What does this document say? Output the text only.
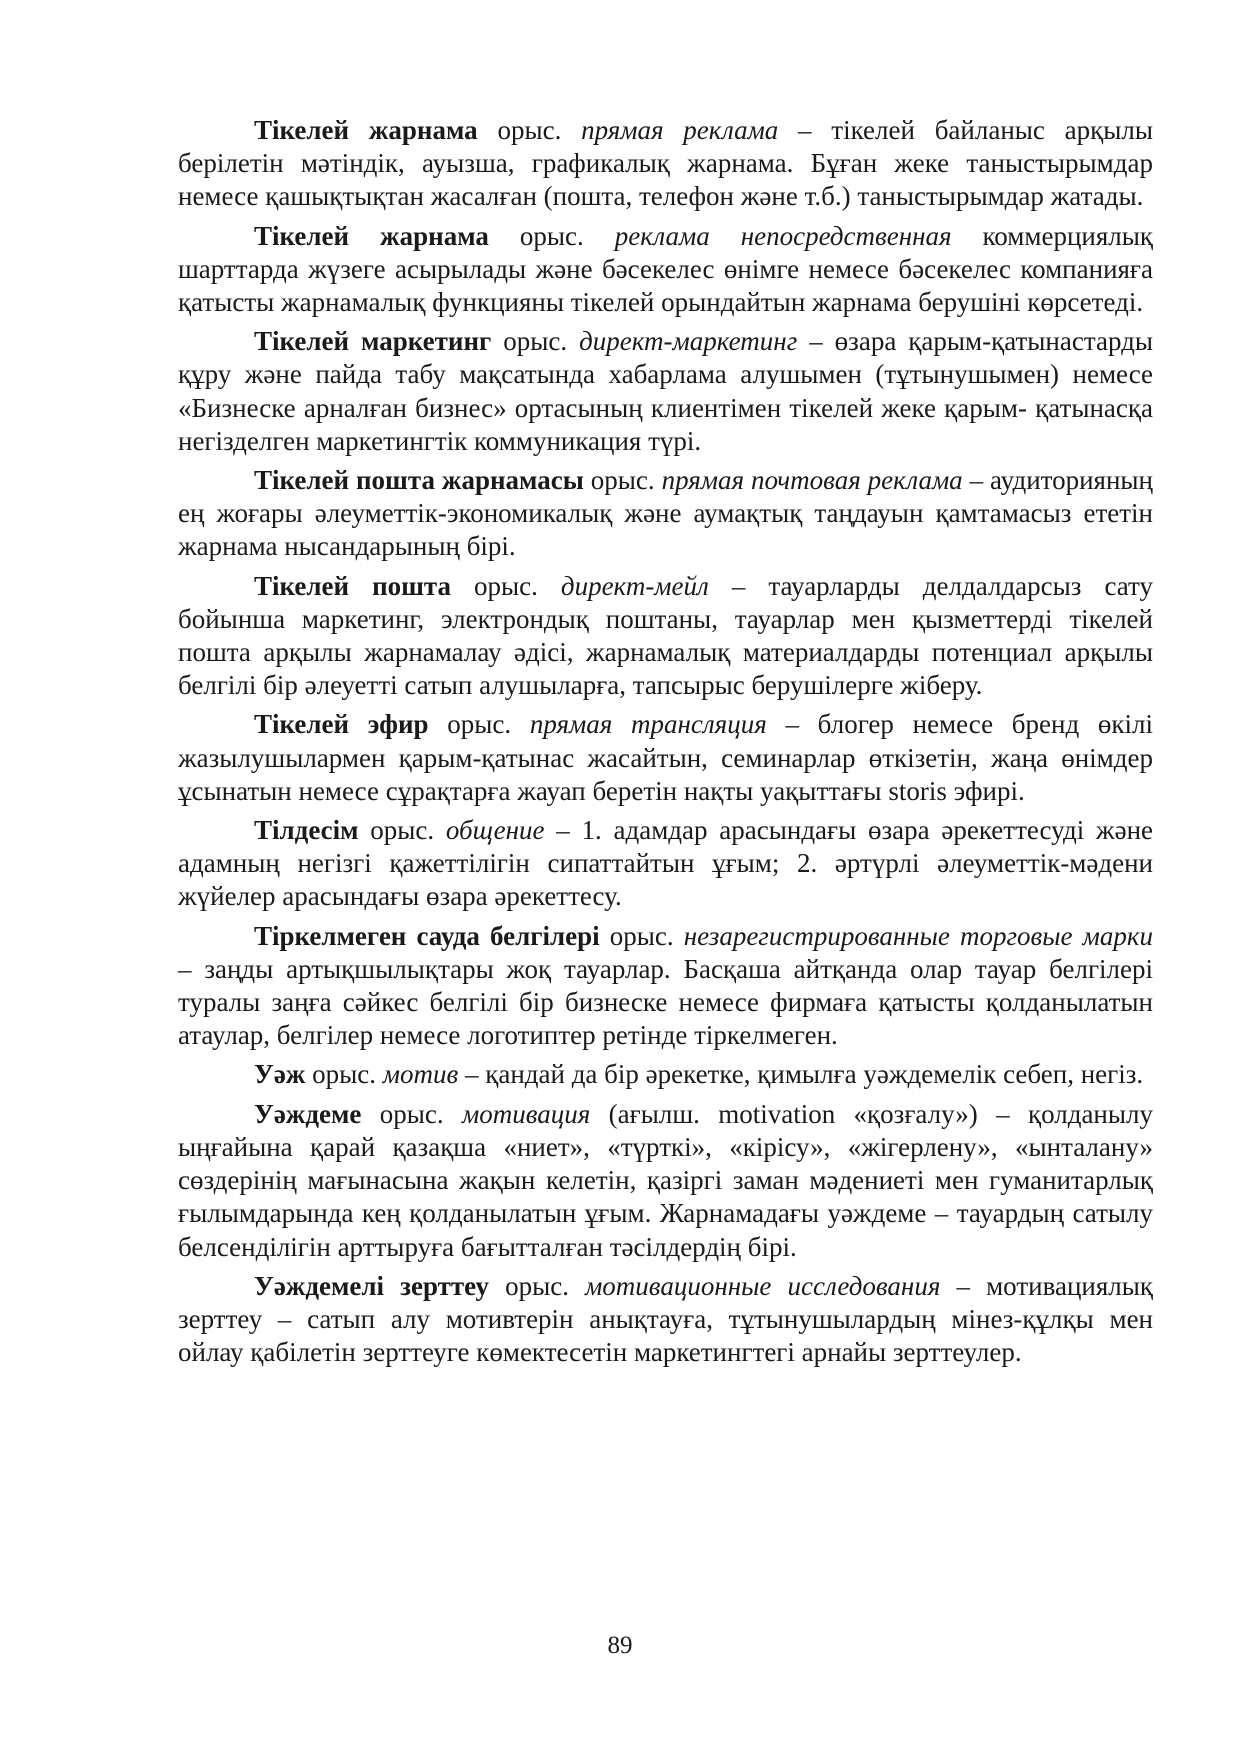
Тікелей жарнама орыс. прямая реклама – тікелей байланыс арқылы берілетін мәтіндік, ауызша, графикалық жарнама. Бұған жеке таныстырымдар немесе қашықтықтан жасалған (пошта, телефон және т.б.) таныстырымдар жатады.

Тікелей жарнама орыс. реклама непосредственная коммерциялық шарттарда жүзеге асырылады және бәсекелес өнімге немесе бәсекелес компанияға қатысты жарнамалық функцияны тікелей орындайтын жарнама берушіні көрсетеді.

Тікелей маркетинг орыс. директ-маркетинг – өзара қарым-қатынастарды құру және пайда табу мақсатында хабарлама алушымен (тұтынушымен) немесе «Бизнеске арналған бизнес» ортасының клиентімен тікелей жеке қарым- қатынасқа негізделген маркетингтік коммуникация түрі.

Тікелей пошта жарнамасы орыс. прямая почтовая реклама – аудиторияның ең жоғары әлеуметтік-экономикалық және аумақтық таңдауын қамтамасыз ететін жарнама нысандарының бірі.

Тікелей пошта орыс. директ-мейл – тауарларды делдалдарсыз сату бойынша маркетинг, электрондық поштаны, тауарлар мен қызметтерді тікелей пошта арқылы жарнамалау әдісі, жарнамалық материалдарды потенциал арқылы белгілі бір әлеуетті сатып алушыларға, тапсырыс берушілерге жіберу.

Тікелей эфир орыс. прямая трансляция – блогер немесе бренд өкілі жазылушылармен қарым-қатынас жасайтын, семинарлар өткізетін, жаңа өнімдер ұсынатын немесе сұрақтарға жауап беретін нақты уақыттағы storis эфирі.

Тілдесім орыс. общение – 1. адамдар арасындағы өзара әрекеттесуді және адамның негізгі қажеттілігін сипаттайтын ұғым; 2. әртүрлі әлеуметтік-мәдени жүйелер арасындағы өзара әрекеттесу.

Тіркелмеген сауда белгілері орыс. незарегистрированные торговые марки – заңды артықшылықтары жоқ тауарлар. Басқаша айтқанда олар тауар белгілері туралы заңға сәйкес белгілі бір бизнеске немесе фирмаға қатысты қолданылатын атаулар, белгілер немесе логотиптер ретінде тіркелмеген.

Уәж орыс. мотив – қандай да бір әрекетке, қимылға уәждемелік себеп, негіз.

Уәждеме орыс. мотивация (ағылш. motivation «қозғалу») – қолданылу ыңғайына қарай қазақша «ниет», «түрткі», «кірісу», «жігерлену», «ынталану» сөздерінің мағынасына жақын келетін, қазіргі заман мәдениеті мен гуманитарлық ғылымдарында кең қолданылатын ұғым. Жарнамадағы уәждеме – тауардың сатылу белсенділігін арттыруға бағытталған тәсілдердің бірі.

Уәждемелі зерттеу орыс. мотивационные исследования – мотивациялық зерттеу – сатып алу мотивтерін анықтауға, тұтынушылардың мінез-құлқы мен ойлау қабілетін зерттеуге көмектесетін маркетингтегі арнайы зерттеулер.

89
